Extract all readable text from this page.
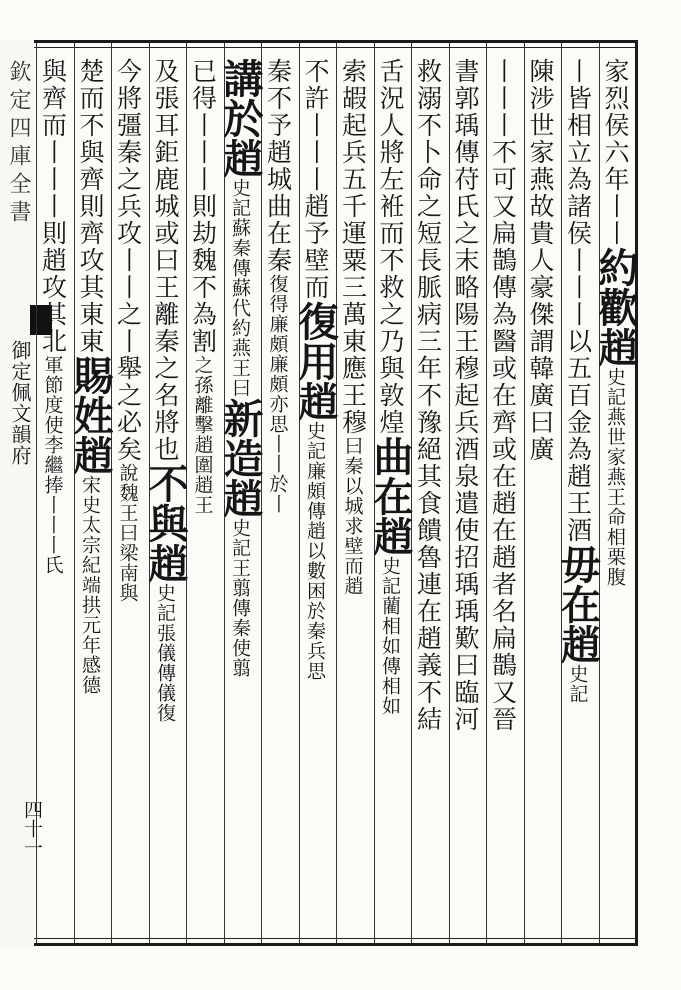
欽定四庫全書
御定佩文韻府
四十一
家烈侯六年丨丨約歡趙史記燕世家燕王命相栗腹
丨皆相立為諸侯丨丨丨以五百金為趙王酒毋在趙史記
陳涉世家燕故貴人豪傑謂韓廣曰廣
丨丨丨不可又扁鵲傳為醫或在齊或在趙在趙者名扁鵲又晉
書郭瑀傳苻氏之末略陽王穆起兵酒泉遣使招瑀瑀歎曰臨河
救溺不卜命之短長脈病三年不豫絕其食饋魯連在趙義不結
舌況人將左袵而不救之乃與敦煌曲在趙史記藺相如傳相如
索嘏起兵五千運粟三萬東應王穆曰秦以城求壁而趙
不許丨丨丨趙予壁而復用趙史記廉頗傳趙以數困於秦兵思
秦不予趙城曲在秦復得廉頗廉頗亦思丨丨於丨
講於趙史記蘇秦傳蘇代約燕王曰新造趙史記王翦傳秦使翦
已得丨丨丨則劫魏不為割之孫離擊趙圍趙王
及張耳鉅鹿城或曰王離秦之名將也不與趙史記張儀傳儀復
今將彊秦之兵攻丨丨之丨舉之必矣說魏王曰梁南與
楚而不與齊則齊攻其東東賜姓趙宋史太宗紀端拱元年感德
與齊而丨丨丨則趙攻其北軍節度使李繼捧丨丨丨氏
